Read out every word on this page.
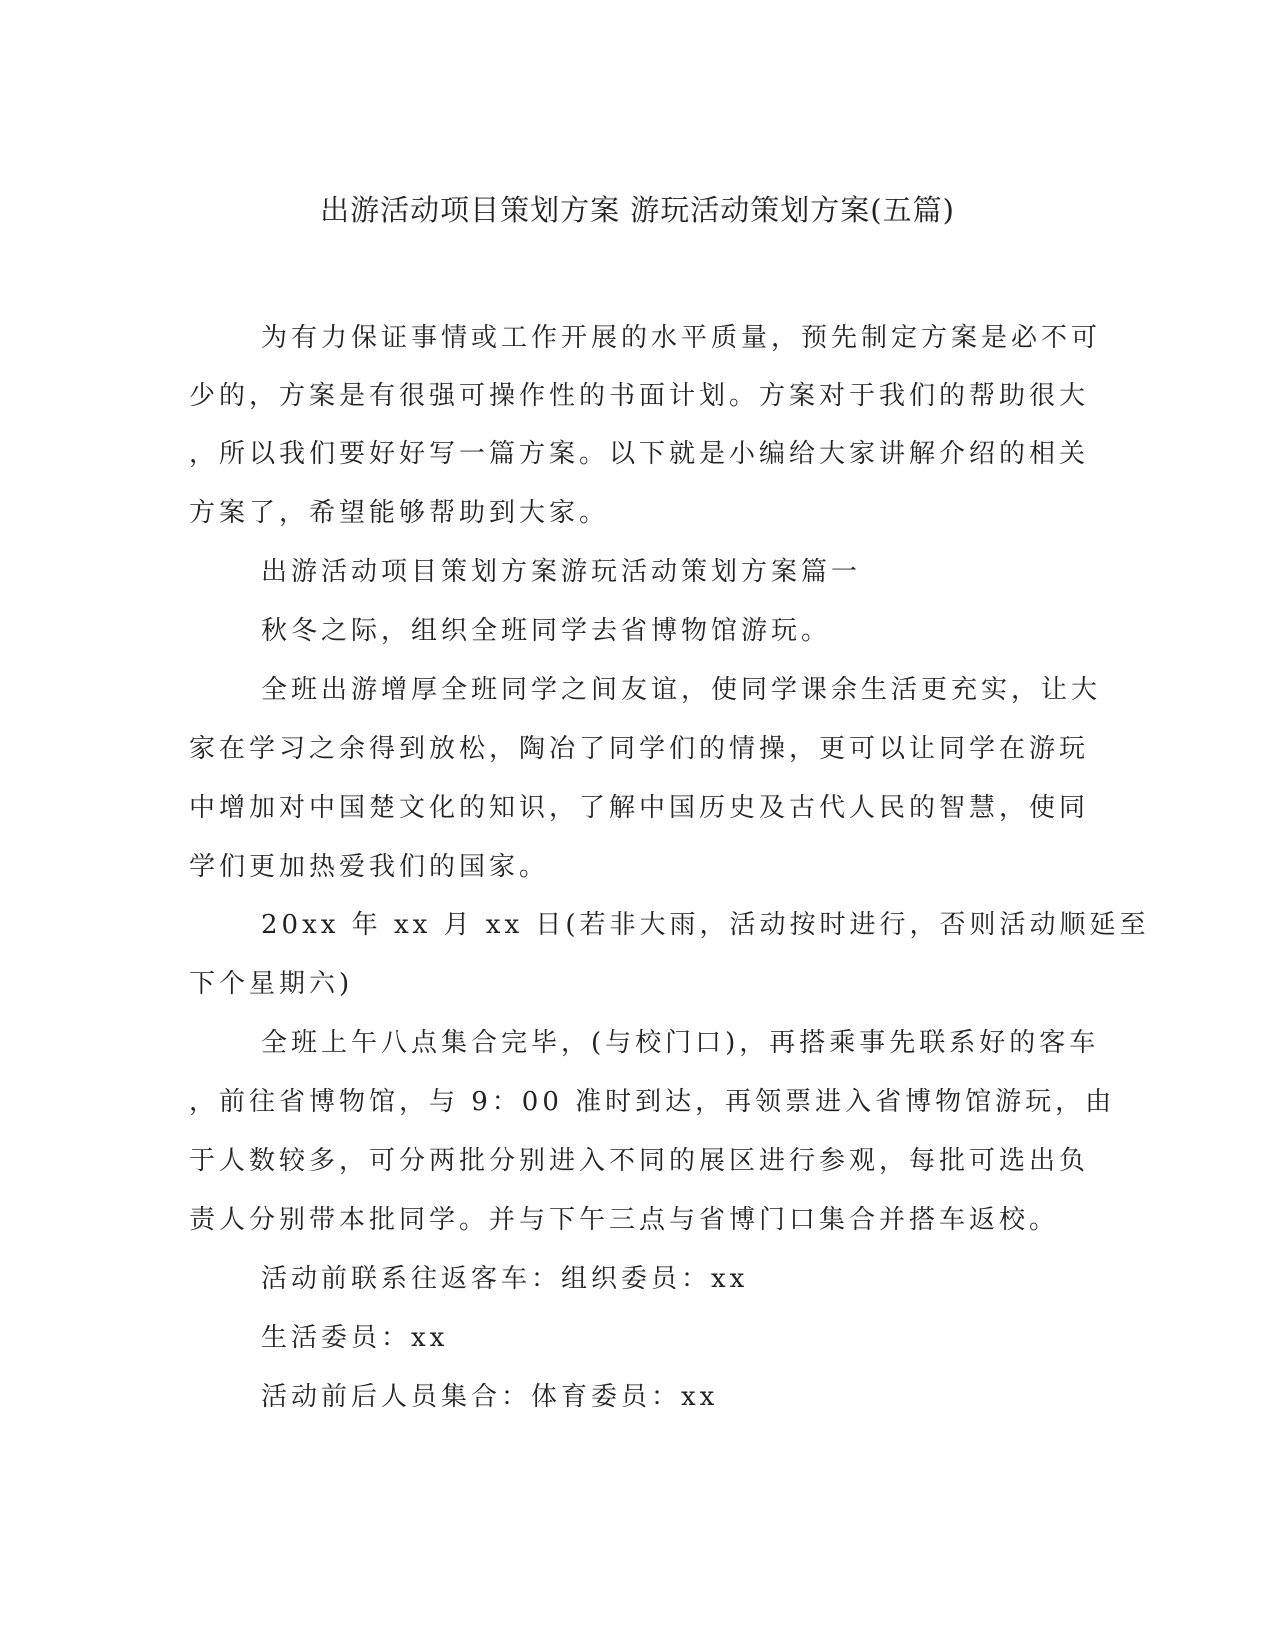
出游活动项目策划方案 游玩活动策划方案(五篇)
为有力保证事情或工作开展的水平质量，预先制定方案是必不可
少的，方案是有很强可操作性的书面计划。方案对于我们的帮助很大
，所以我们要好好写一篇方案。以下就是小编给大家讲解介绍的相关
方案了，希望能够帮助到大家。
出游活动项目策划方案游玩活动策划方案篇一
秋冬之际，组织全班同学去省博物馆游玩。
全班出游增厚全班同学之间友谊，使同学课余生活更充实，让大
家在学习之余得到放松，陶冶了同学们的情操，更可以让同学在游玩
中增加对中国楚文化的知识，了解中国历史及古代人民的智慧，使同
学们更加热爱我们的国家。
20xx 年 xx 月 xx 日(若非大雨，活动按时进行，否则活动顺延至
下个星期六)
全班上午八点集合完毕，(与校门口)，再搭乘事先联系好的客车
，前往省博物馆，与 9：00 准时到达，再领票进入省博物馆游玩，由
于人数较多，可分两批分别进入不同的展区进行参观，每批可选出负
责人分别带本批同学。并与下午三点与省博门口集合并搭车返校。
活动前联系往返客车：组织委员：xx
生活委员：xx
活动前后人员集合：体育委员：xx
